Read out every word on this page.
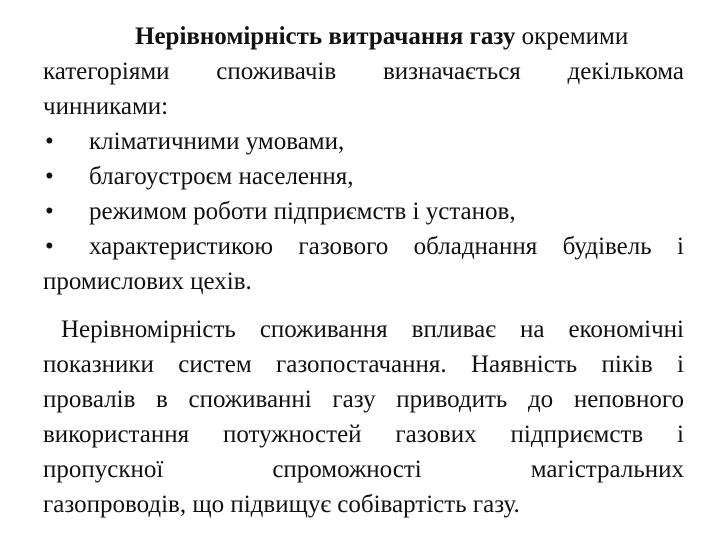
Нерівномірність витрачання газу окремими
категоріями споживачів визначається декількома
чинниками:
•	кліматичними умовами,
•	благоустроєм населення,
•	режимом роботи підприємств і установ,
•	характеристикою газового обладнання будівель і
промислових цехів.
Нерівномірність споживання впливає на економічні
показники систем газопостачання. Наявність піків і
провалів в споживанні газу приводить до неповного
використання потужностей газових підприємств і
пропускної	спроможності	магістральних
газопроводів, що підвищує собівартість газу.
